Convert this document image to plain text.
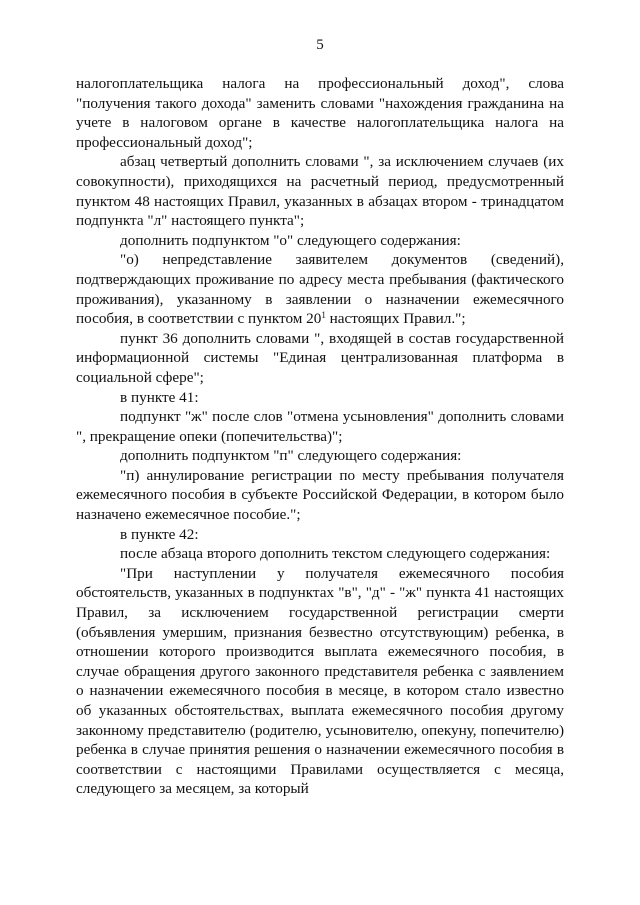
5

налогоплательщика налога на профессиональный доход", слова "получения такого дохода" заменить словами "нахождения гражданина на учете в налоговом органе в качестве налогоплательщика налога на профессиональный доход";

абзац четвертый дополнить словами ", за исключением случаев (их совокупности), приходящихся на расчетный период, предусмотренный пунктом 48 настоящих Правил, указанных в абзацах втором - тринадцатом подпункта "л" настоящего пункта";

дополнить подпунктом "о" следующего содержания:

"о) непредставление заявителем документов (сведений), подтверждающих проживание по адресу места пребывания (фактического проживания), указанному в заявлении о назначении ежемесячного пособия, в соответствии с пунктом $20^1$ настоящих Правил.";

пункт 36 дополнить словами ", входящей в состав государственной информационной системы "Единая централизованная платформа в социальной сфере";

в пункте 41:

подпункт "ж" после слов "отмена усыновления" дополнить словами ", прекращение опеки (попечительства)";

дополнить подпунктом "п" следующего содержания:

"п) аннулирование регистрации по месту пребывания получателя ежемесячного пособия в субъекте Российской Федерации, в котором было назначено ежемесячное пособие.";

в пункте 42:

после абзаца второго дополнить текстом следующего содержания:

"При наступлении у получателя ежемесячного пособия обстоятельств, указанных в подпунктах "в", "д" - "ж" пункта 41 настоящих Правил, за исключением государственной регистрации смерти (объявления умершим, признания безвестно отсутствующим) ребенка, в отношении которого производится выплата ежемесячного пособия, в случае обращения другого законного представителя ребенка с заявлением о назначении ежемесячного пособия в месяце, в котором стало известно об указанных обстоятельствах, выплата ежемесячного пособия другому законному представителю (родителю, усыновителю, опекуну, попечителю) ребенка в случае принятия решения о назначении ежемесячного пособия в соответствии с настоящими Правилами осуществляется с месяца, следующего за месяцем, за который
